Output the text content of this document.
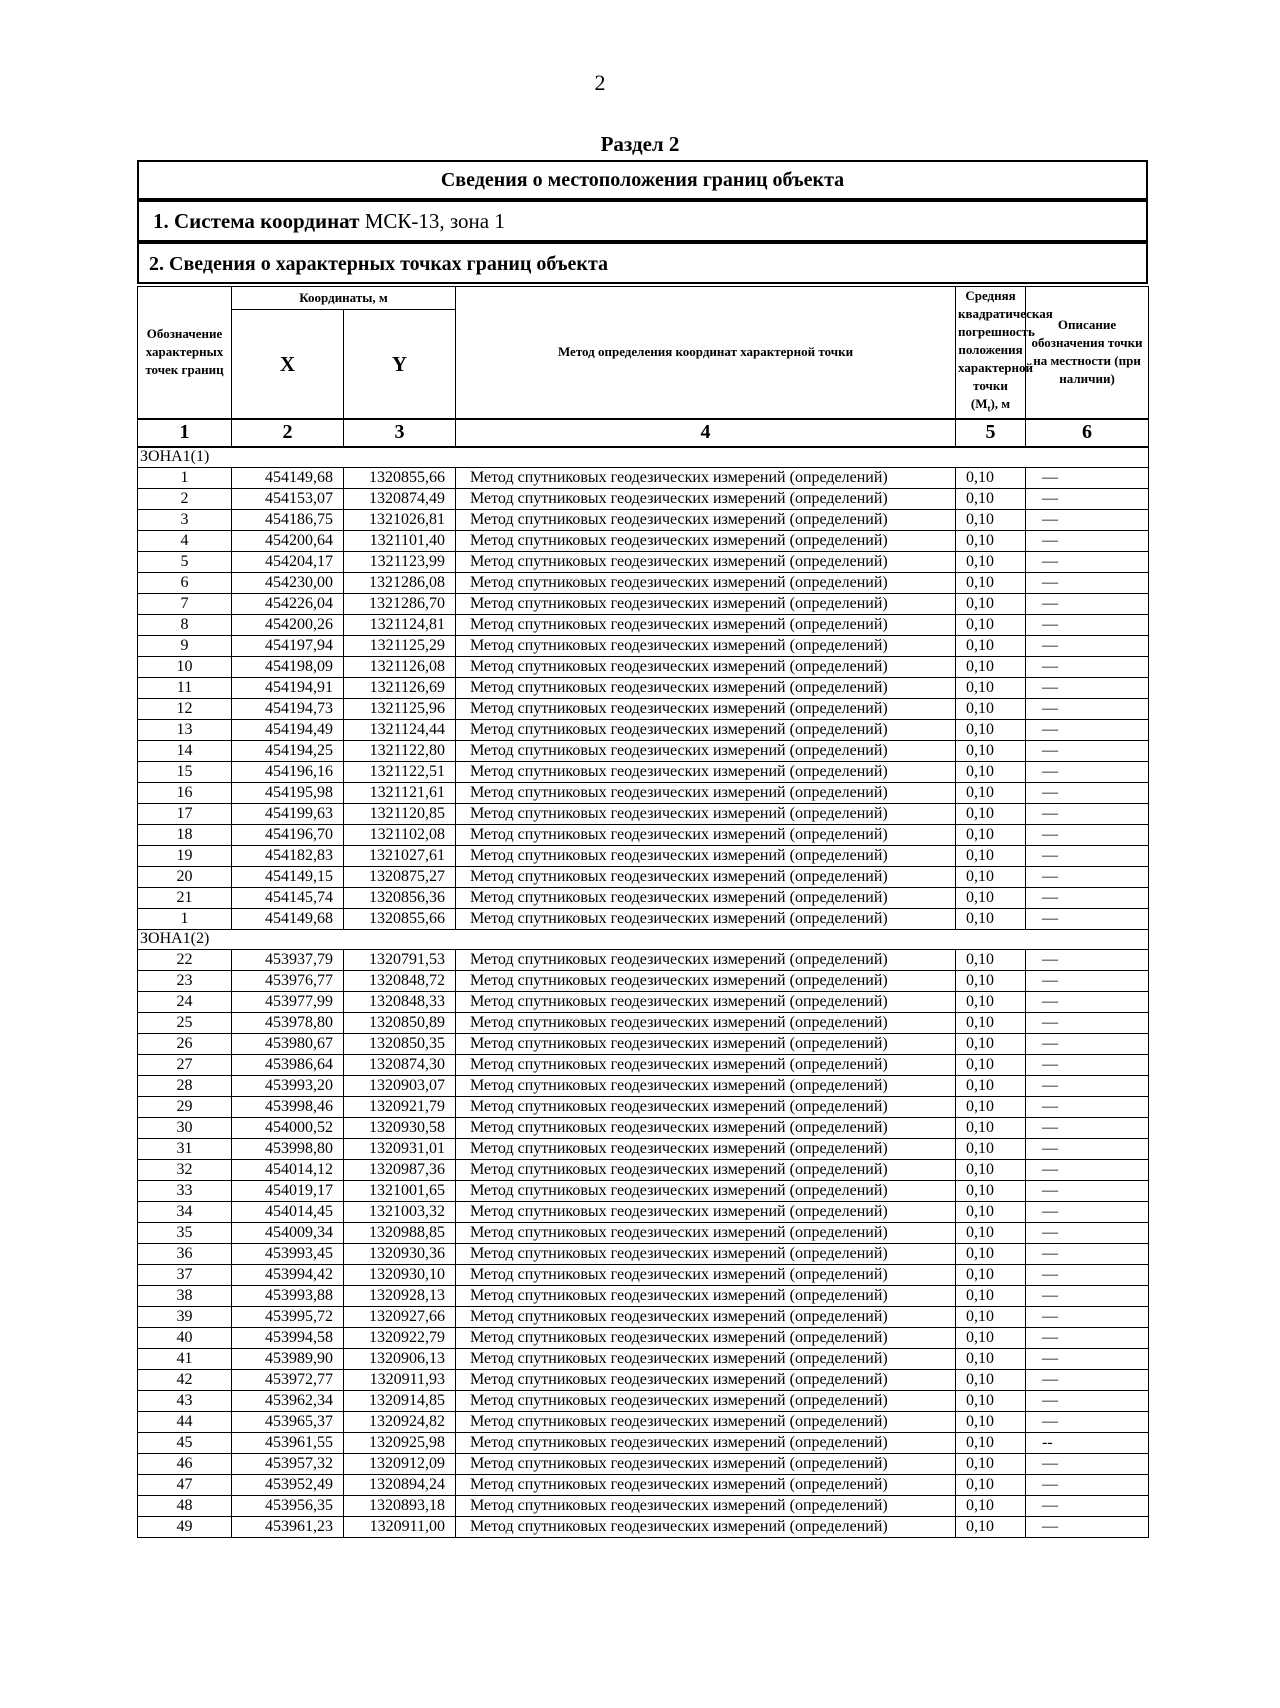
2
Раздел 2
Сведения о местоположения границ объекта
1. Система координат МСК-13, зона 1
2. Сведения о характерных точках границ объекта
Обозначение характерных точек границ	Координаты, м		Метод определения координат характерной точки	Средняя квадратическая погрешность положения характерной точки $(M_t)$, м	Описание обозначения точки на местности (при наличии)
	X	Y			
1	2	3	4	5	6
ЗОНА1(1)					
1	454149,68	1320855,66	Метод спутниковых геодезических измерений (определений)	0,10	—
2	454153,07	1320874,49	Метод спутниковых геодезических измерений (определений)	0,10	—
3	454186,75	1321026,81	Метод спутниковых геодезических измерений (определений)	0,10	—
4	454200,64	1321101,40	Метод спутниковых геодезических измерений (определений)	0,10	—
5	454204,17	1321123,99	Метод спутниковых геодезических измерений (определений)	0,10	—
6	454230,00	1321286,08	Метод спутниковых геодезических измерений (определений)	0,10	—
7	454226,04	1321286,70	Метод спутниковых геодезических измерений (определений)	0,10	—
8	454200,26	1321124,81	Метод спутниковых геодезических измерений (определений)	0,10	—
9	454197,94	1321125,29	Метод спутниковых геодезических измерений (определений)	0,10	—
10	454198,09	1321126,08	Метод спутниковых геодезических измерений (определений)	0,10	—
11	454194,91	1321126,69	Метод спутниковых геодезических измерений (определений)	0,10	—
12	454194,73	1321125,96	Метод спутниковых геодезических измерений (определений)	0,10	—
13	454194,49	1321124,44	Метод спутниковых геодезических измерений (определений)	0,10	—
14	454194,25	1321122,80	Метод спутниковых геодезических измерений (определений)	0,10	—
15	454196,16	1321122,51	Метод спутниковых геодезических измерений (определений)	0,10	—
16	454195,98	1321121,61	Метод спутниковых геодезических измерений (определений)	0,10	—
17	454199,63	1321120,85	Метод спутниковых геодезических измерений (определений)	0,10	—
18	454196,70	1321102,08	Метод спутниковых геодезических измерений (определений)	0,10	—
19	454182,83	1321027,61	Метод спутниковых геодезических измерений (определений)	0,10	—
20	454149,15	1320875,27	Метод спутниковых геодезических измерений (определений)	0,10	—
21	454145,74	1320856,36	Метод спутниковых геодезических измерений (определений)	0,10	—
1	454149,68	1320855,66	Метод спутниковых геодезических измерений (определений)	0,10	—
ЗОНА1(2)					
22	453937,79	1320791,53	Метод спутниковых геодезических измерений (определений)	0,10	—
23	453976,77	1320848,72	Метод спутниковых геодезических измерений (определений)	0,10	—
24	453977,99	1320848,33	Метод спутниковых геодезических измерений (определений)	0,10	—
25	453978,80	1320850,89	Метод спутниковых геодезических измерений (определений)	0,10	—
26	453980,67	1320850,35	Метод спутниковых геодезических измерений (определений)	0,10	—
27	453986,64	1320874,30	Метод спутниковых геодезических измерений (определений)	0,10	—
28	453993,20	1320903,07	Метод спутниковых геодезических измерений (определений)	0,10	—
29	453998,46	1320921,79	Метод спутниковых геодезических измерений (определений)	0,10	—
30	454000,52	1320930,58	Метод спутниковых геодезических измерений (определений)	0,10	—
31	453998,80	1320931,01	Метод спутниковых геодезических измерений (определений)	0,10	—
32	454014,12	1320987,36	Метод спутниковых геодезических измерений (определений)	0,10	—
33	454019,17	1321001,65	Метод спутниковых геодезических измерений (определений)	0,10	—
34	454014,45	1321003,32	Метод спутниковых геодезических измерений (определений)	0,10	—
35	454009,34	1320988,85	Метод спутниковых геодезических измерений (определений)	0,10	—
36	453993,45	1320930,36	Метод спутниковых геодезических измерений (определений)	0,10	—
37	453994,42	1320930,10	Метод спутниковых геодезических измерений (определений)	0,10	—
38	453993,88	1320928,13	Метод спутниковых геодезических измерений (определений)	0,10	—
39	453995,72	1320927,66	Метод спутниковых геодезических измерений (определений)	0,10	—
40	453994,58	1320922,79	Метод спутниковых геодезических измерений (определений)	0,10	—
41	453989,90	1320906,13	Метод спутниковых геодезических измерений (определений)	0,10	—
42	453972,77	1320911,93	Метод спутниковых геодезических измерений (определений)	0,10	—
43	453962,34	1320914,85	Метод спутниковых геодезических измерений (определений)	0,10	—
44	453965,37	1320924,82	Метод спутниковых геодезических измерений (определений)	0,10	—
45	453961,55	1320925,98	Метод спутниковых геодезических измерений (определений)	0,10	--
46	453957,32	1320912,09	Метод спутниковых геодезических измерений (определений)	0,10	—
47	453952,49	1320894,24	Метод спутниковых геодезических измерений (определений)	0,10	—
48	453956,35	1320893,18	Метод спутниковых геодезических измерений (определений)	0,10	—
49	453961,23	1320911,00	Метод спутниковых геодезических измерений (определений)	0,10	—
